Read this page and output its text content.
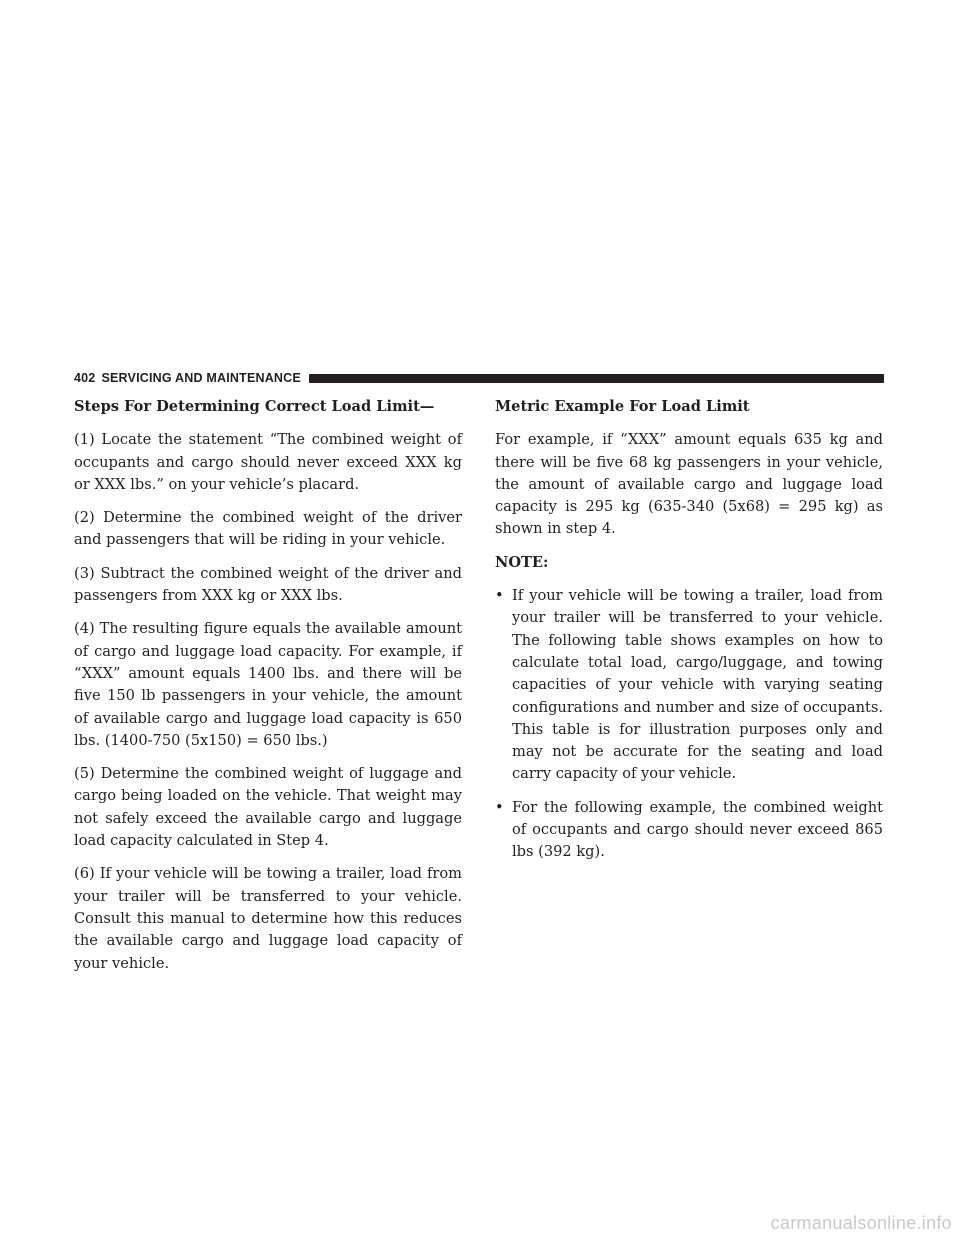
402 SERVICING AND MAINTENANCE

Steps For Determining Correct Load Limit—

(1) Locate the statement “The combined weight of occupants and cargo should never exceed XXX kg or XXX lbs.” on your vehicle’s placard.

(2) Determine the combined weight of the driver and passengers that will be riding in your vehicle.

(3) Subtract the combined weight of the driver and passengers from XXX kg or XXX lbs.

(4) The resulting figure equals the available amount of cargo and luggage load capacity. For example, if “XXX” amount equals 1400 lbs. and there will be five 150 lb passengers in your vehicle, the amount of available cargo and luggage load capacity is 650 lbs. (1400-750 (5x150) = 650 lbs.)

(5) Determine the combined weight of luggage and cargo being loaded on the vehicle. That weight may not safely exceed the available cargo and luggage load capacity calculated in Step 4.

(6) If your vehicle will be towing a trailer, load from your trailer will be transferred to your vehicle. Consult this manual to determine how this reduces the available cargo and luggage load capacity of your vehicle.

Metric Example For Load Limit

For example, if “XXX” amount equals 635 kg and there will be five 68 kg passengers in your vehicle, the amount of available cargo and luggage load capacity is 295 kg (635-340 (5x68) = 295 kg) as shown in step 4.

NOTE:

• If your vehicle will be towing a trailer, load from your trailer will be transferred to your vehicle. The following table shows examples on how to calculate total load, cargo/luggage, and towing capacities of your vehicle with varying seating configurations and number and size of occupants. This table is for illustration purposes only and may not be accurate for the seating and load carry capacity of your vehicle.
• For the following example, the combined weight of occupants and cargo should never exceed 865 lbs (392 kg).
carmanualsonline.info
